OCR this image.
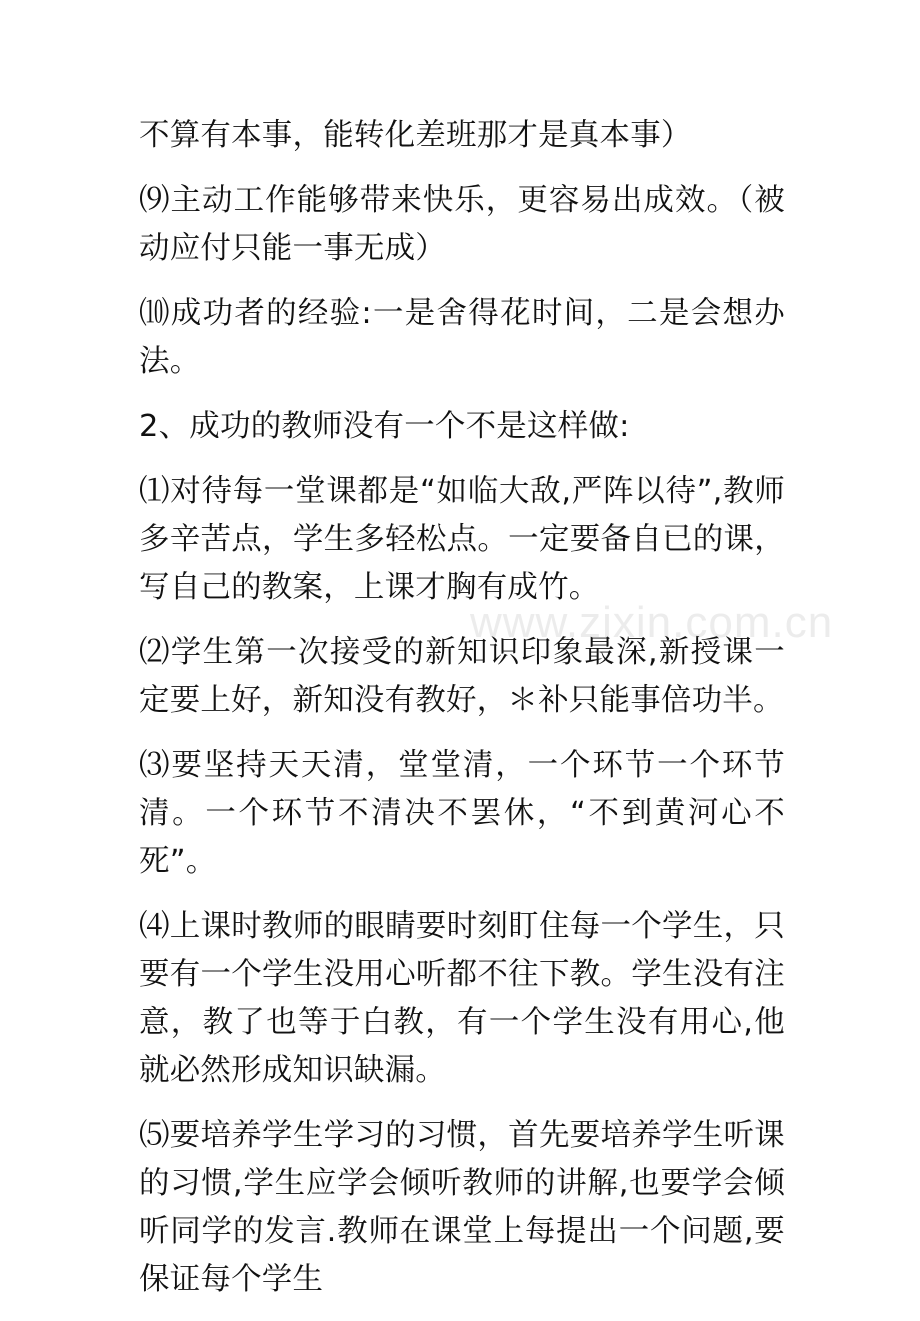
不算有本事，能转化差班那才是真本事）

⑼主动工作能够带来快乐，更容易出成效。（被动应付只能一事无成）

⑽成功者的经验:一是舍得花时间，二是会想办法。

2、成功的教师没有一个不是这样做:

⑴对待每一堂课都是“如临大敌,严阵以待”,教师多辛苦点，学生多轻松点。一定要备自已的课，写自己的教案，上课才胸有成竹。

⑵学生第一次接受的新知识印象最深,新授课一定要上好，新知没有教好，＊补只能事倍功半。

⑶要坚持天天清，堂堂清，一个环节一个环节清。一个环节不清决不罢休，“不到黄河心不死”。

⑷上课时教师的眼睛要时刻盯住每一个学生，只要有一个学生没用心听都不往下教。学生没有注意，教了也等于白教，有一个学生没有用心,他就必然形成知识缺漏。

⑸要培养学生学习的习惯，首先要培养学生听课的习惯,学生应学会倾听教师的讲解,也要学会倾听同学的发言.教师在课堂上每提出一个问题,要保证每个学生

www.zixin.com.cn
